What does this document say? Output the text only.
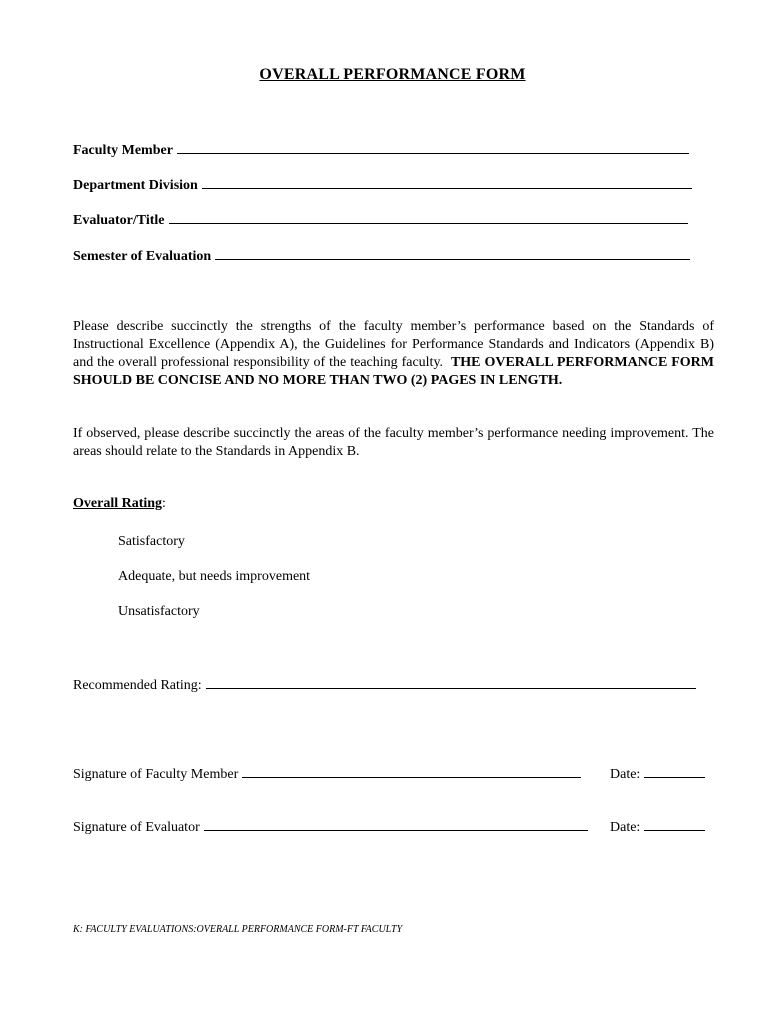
OVERALL PERFORMANCE FORM
Faculty Member
Department Division
Evaluator/Title
Semester of Evaluation
Please describe succinctly the strengths of the faculty member’s performance based on the Standards of Instructional Excellence (Appendix A), the Guidelines for Performance Standards and Indicators (Appendix B) and the overall professional responsibility of the teaching faculty. THE OVERALL PERFORMANCE FORM SHOULD BE CONCISE AND NO MORE THAN TWO (2) PAGES IN LENGTH.
If observed, please describe succinctly the areas of the faculty member’s performance needing improvement. The areas should relate to the Standards in Appendix B.
Overall Rating:
Satisfactory
Adequate, but needs improvement
Unsatisfactory
Recommended Rating:
Signature of Faculty Member	Date:
Signature of Evaluator	Date:
K: FACULTY EVALUATIONS:OVERALL PERFORMANCE FORM-FT FACULTY
